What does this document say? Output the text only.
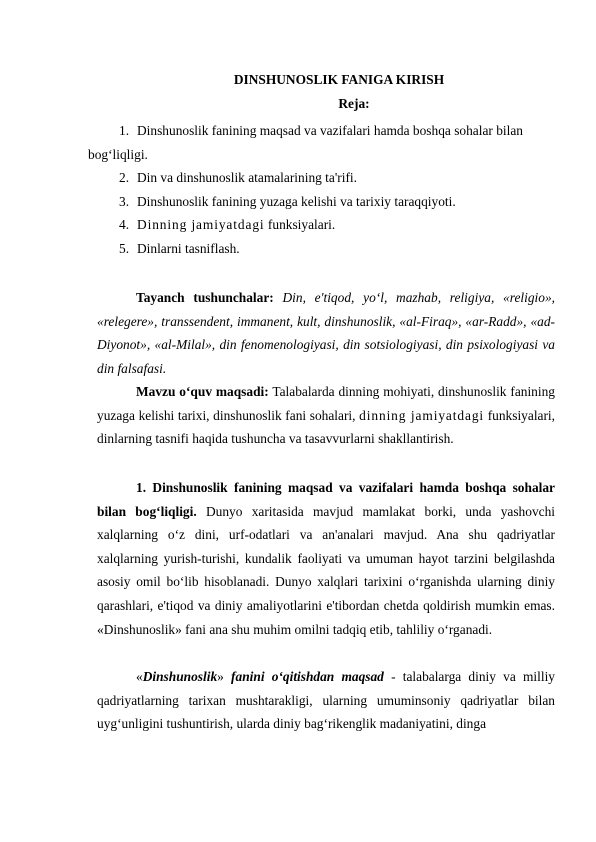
DINSHUNOSLIK FANIGA KIRISH
Reja:
1. Dinshunoslik fanining maqsad va vazifalari hamda boshqa sohalar bilan
bog‘liqligi.
2. Din va dinshunoslik atamalarining ta'rifi.
3. Dinshunoslik fanining yuzaga kelishi va tarixiy taraqqiyoti.
4. Dinning jamiyatdagi funksiyalari.
5. Dinlarni tasniflash.

Tayanch tushunchalar: Din, e'tiqod, yo‘l, mazhab, religiya, «religio», «relegere», transsendent, immanent, kult, dinshunoslik, «al-Firaq», «ar-Radd», «ad-Diyonot», «al-Milal», din fenomenologiyasi, din sotsiologiyasi, din psixologiyasi va din falsafasi.

Mavzu o‘quv maqsadi: Talabalarda dinning mohiyati, dinshunoslik fanining yuzaga kelishi tarixi, dinshunoslik fani sohalari, dinning jamiyatdagi funksiyalari, dinlarning tasnifi haqida tushuncha va tasavvurlarni shakllantirish.

1. Dinshunoslik fanining maqsad va vazifalari hamda boshqa sohalar bilan bog‘liqligi. Dunyo xaritasida mavjud mamlakat borki, unda yashovchi xalqlarning o‘z dini, urf-odatlari va an'analari mavjud. Ana shu qadriyatlar xalqlarning yurish-turishi, kundalik faoliyati va umuman hayot tarzini belgilashda asosiy omil bo‘lib hisoblanadi. Dunyo xalqlari tarixini o‘rganishda ularning diniy qarashlari, e'tiqod va diniy amaliyotlarini e'tibordan chetda qoldirish mumkin emas. «Dinshunoslik» fani ana shu muhim omilni tadqiq etib, tahliliy o‘rganadi.

«Dinshunoslik» fanini o‘qitishdan maqsad - talabalarga diniy va milliy qadriyatlarning tarixan mushtarakligi, ularning umuminsoniy qadriyatlar bilan uyg‘unligini tushuntirish, ularda diniy bag‘rikenglik madaniyatini, dinga
